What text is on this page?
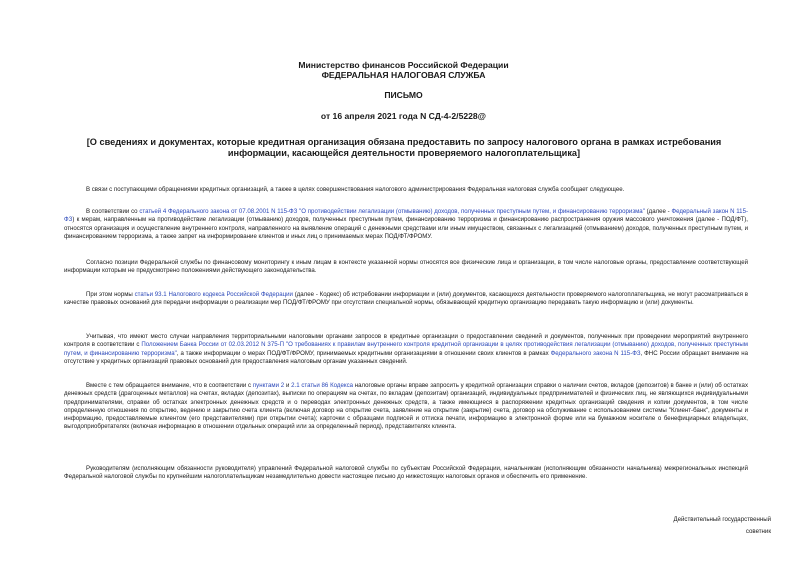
Министерство финансов Российской Федерации
ФЕДЕРАЛЬНАЯ НАЛОГОВАЯ СЛУЖБА
ПИСЬМО
от 16 апреля 2021 года N СД-4-2/5228@
[О сведениях и документах, которые кредитная организация обязана предоставить по запросу налогового органа в рамках истребования информации, касающейся деятельности проверяемого налогоплательщика]
В связи с поступающими обращениями кредитных организаций, а также в целях совершенствования налогового администрирования Федеральная налоговая служба сообщает следующее.
В соответствии со статьей 4 Федерального закона от 07.08.2001 N 115-ФЗ "О противодействии легализации (отмыванию) доходов, полученных преступным путем, и финансированию терроризма" (далее - Федеральный закон N 115-ФЗ) к мерам, направленным на противодействие легализации (отмыванию) доходов, полученных преступным путем, финансированию терроризма и финансированию распространения оружия массового уничтожения (далее - ПОД/ФТ), относятся организация и осуществление внутреннего контроля, направленного на выявление операций с денежными средствами или иным имуществом, связанных с легализацией (отмыванием) доходов, полученных преступным путем, и финансированием терроризма, а также запрет на информирование клиентов и иных лиц о принимаемых мерах ПОД/ФТ/ФРОМУ.
Согласно позиции Федеральной службы по финансовому мониторингу к иным лицам в контексте указанной нормы относятся все физические лица и организации, в том числе налоговые органы, предоставление соответствующей информации которым не предусмотрено положениями действующего законодательства.
При этом нормы статьи 93.1 Налогового кодекса Российской Федерации (далее - Кодекс) об истребовании информации и (или) документов, касающихся деятельности проверяемого налогоплательщика, не могут рассматриваться в качестве правовых оснований для передачи информации о реализации мер ПОД/ФТ/ФРОМУ при отсутствии специальной нормы, обязывающей кредитную организацию передавать такую информацию и (или) документы.
Учитывая, что имеют место случаи направления территориальными налоговыми органами запросов в кредитные организации о предоставлении сведений и документов, полученных при проведении мероприятий внутреннего контроля в соответствии с Положением Банка России от 02.03.2012 N 375-П "О требованиях к правилам внутреннего контроля кредитной организации в целях противодействия легализации (отмыванию) доходов, полученных преступным путем, и финансированию терроризма", а также информации о мерах ПОД/ФТ/ФРОМУ, принимаемых кредитными организациями в отношении своих клиентов в рамках Федерального закона N 115-ФЗ, ФНС России обращает внимание на отсутствие у кредитных организаций правовых оснований для предоставления налоговым органам указанных сведений.
Вместе с тем обращается внимание, что в соответствии с пунктами 2 и 2.1 статьи 86 Кодекса налоговые органы вправе запросить у кредитной организации справки о наличии счетов, вкладов (депозитов) в банке и (или) об остатках денежных средств (драгоценных металлов) на счетах, вкладах (депозитах), выписки по операциям на счетах, по вкладам (депозитам) организаций, индивидуальных предпринимателей и физических лиц, не являющихся индивидуальными предпринимателями, справки об остатках электронных денежных средств и о переводах электронных денежных средств, а также имеющиеся в распоряжении кредитных организаций сведения и копии документов, в том числе определенную отношения по открытию, ведению и закрытию счета клиента (включая договор на открытие счета, заявление на открытие (закрытие) счета, договор на обслуживание с использованием системы "Клиент-банк", документы и информацию, предоставляемые клиентом (его представителями) при открытии счета); карточки с образцами подписей и оттиска печати, информацию в электронной форме или на бумажном носителе о бенефициарных владельцах, выгодоприобретателях (включая информацию в отношении отдельных операций или за определенный период), представителях клиента.
Руководителям (исполняющим обязанности руководителя) управлений Федеральной налоговой службы по субъектам Российской Федерации, начальникам (исполняющим обязанности начальника) межрегиональных инспекций Федеральной налоговой службы по крупнейшим налогоплательщикам незамедлительно довести настоящее письмо до нижестоящих налоговых органов и обеспечить его применение.
Действительный государственный
советник
